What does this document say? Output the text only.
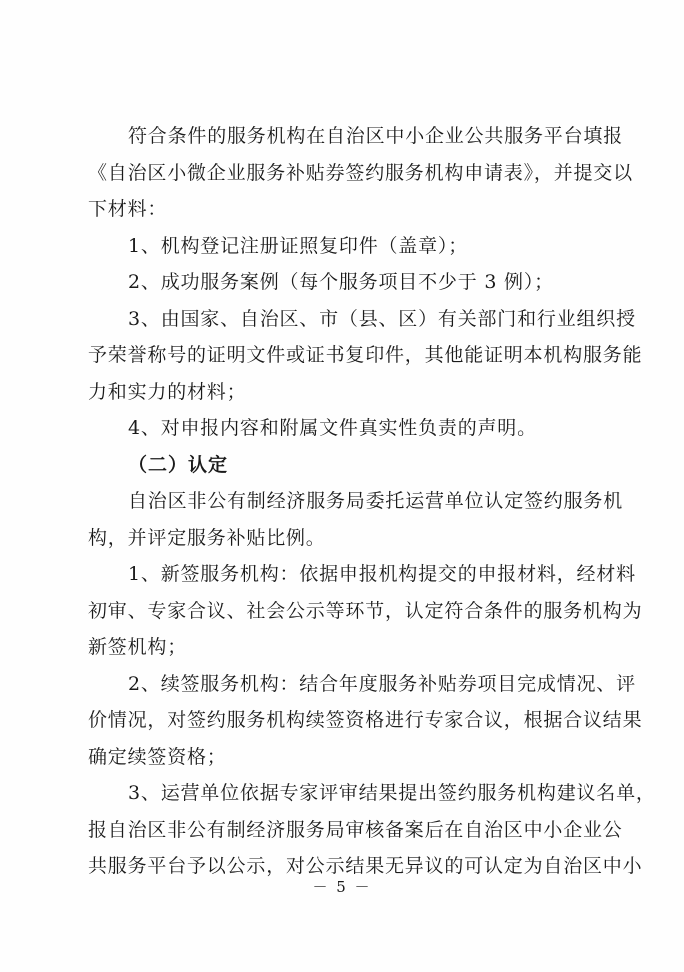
符合条件的服务机构在自治区中小企业公共服务平台填报
《自治区小微企业服务补贴券签约服务机构申请表》，并提交以
下材料：
1、机构登记注册证照复印件（盖章）；
2、成功服务案例（每个服务项目不少于 3 例）；
3、由国家、自治区、市（县、区）有关部门和行业组织授
予荣誉称号的证明文件或证书复印件，其他能证明本机构服务能
力和实力的材料；
4、对申报内容和附属文件真实性负责的声明。
（二）认定
自治区非公有制经济服务局委托运营单位认定签约服务机
构，并评定服务补贴比例。
1、新签服务机构：依据申报机构提交的申报材料，经材料
初审、专家合议、社会公示等环节，认定符合条件的服务机构为
新签机构；
2、续签服务机构：结合年度服务补贴券项目完成情况、评
价情况，对签约服务机构续签资格进行专家合议，根据合议结果
确定续签资格；
3、运营单位依据专家评审结果提出签约服务机构建议名单，
报自治区非公有制经济服务局审核备案后在自治区中小企业公
共服务平台予以公示，对公示结果无异议的可认定为自治区中小
－ 5 －
